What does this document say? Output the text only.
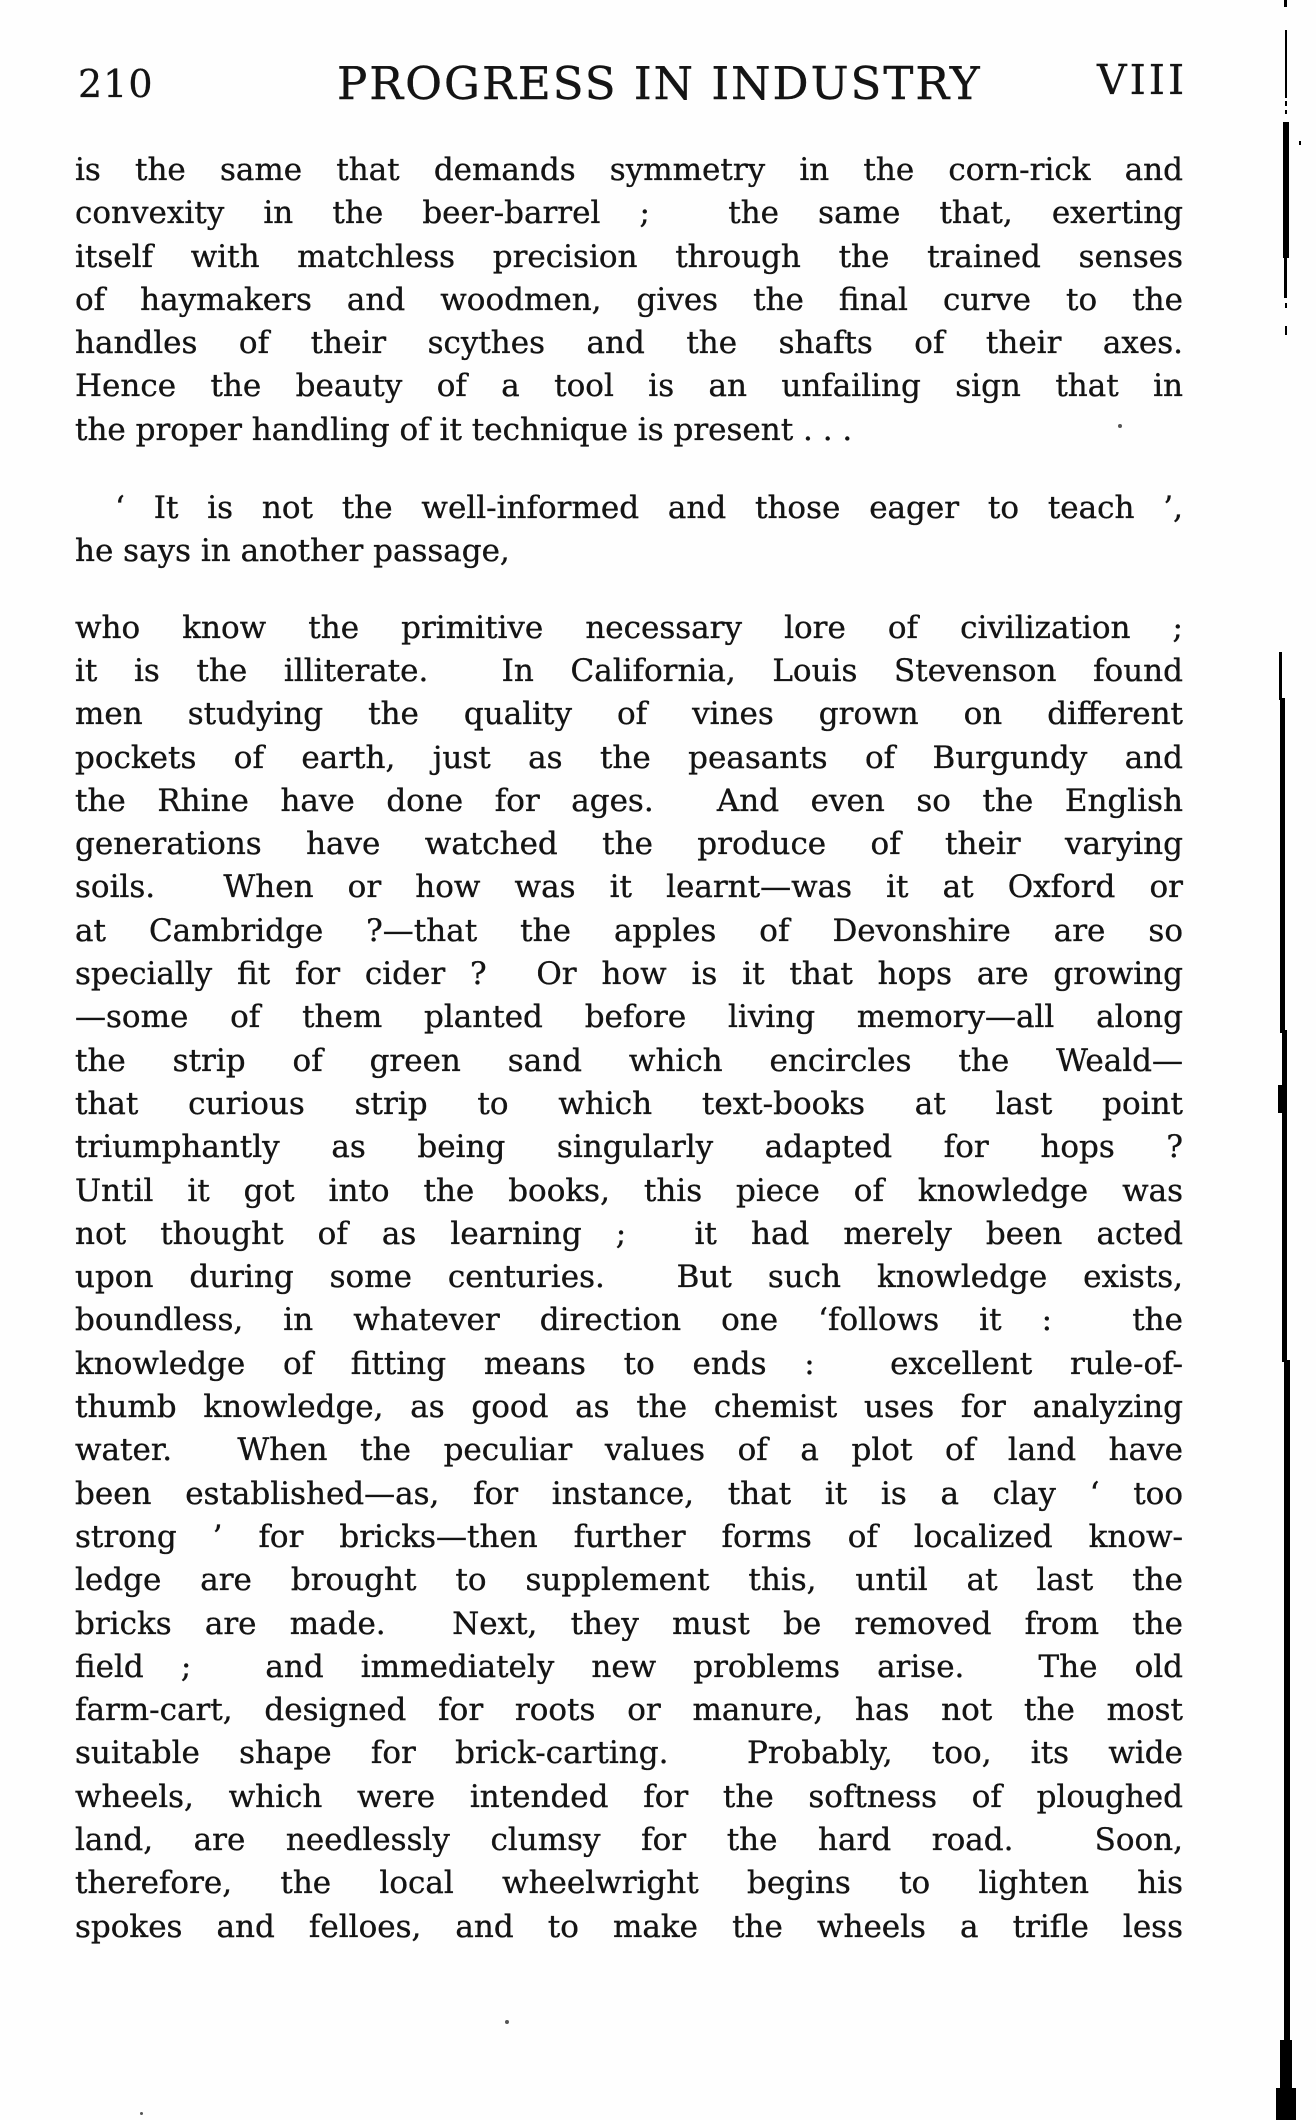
210	PROGRESS IN INDUSTRY	VIII
is the same that demands symmetry in the corn-rick and
convexity in the beer-barrel ;  the same that, exerting
itself with matchless precision through the trained senses
of haymakers and woodmen, gives the final curve to the
handles of their scythes and the shafts of their axes.
Hence the beauty of a tool is an unfailing sign that in
the proper handling of it technique is present . . .
‘ It is not the well-informed and those eager to teach ’,
he says in another passage,
who know the primitive necessary lore of civilization ;
it is the illiterate.  In California, Louis Stevenson found
men studying the quality of vines grown on different
pockets of earth, just as the peasants of Burgundy and
the Rhine have done for ages.  And even so the English
generations have watched the produce of their varying
soils.  When or how was it learnt—was it at Oxford or
at Cambridge ?—that the apples of Devonshire are so
specially fit for cider ?  Or how is it that hops are growing
—some of them planted before living memory—all along
the strip of green sand which encircles the Weald—
that curious strip to which text-books at last point
triumphantly as being singularly adapted for hops ?
Until it got into the books, this piece of knowledge was
not thought of as learning ;  it had merely been acted
upon during some centuries.  But such knowledge exists,
boundless, in whatever direction one ‘follows it :  the
knowledge of fitting means to ends :  excellent rule-of-
thumb knowledge, as good as the chemist uses for analyzing
water.  When the peculiar values of a plot of land have
been established—as, for instance, that it is a clay ‘ too
strong ’ for bricks—then further forms of localized know-
ledge are brought to supplement this, until at last the
bricks are made.  Next, they must be removed from the
field ;  and immediately new problems arise.  The old
farm-cart, designed for roots or manure, has not the most
suitable shape for brick-carting.  Probably, too, its wide
wheels, which were intended for the softness of ploughed
land, are needlessly clumsy for the hard road.  Soon,
therefore, the local wheelwright begins to lighten his
spokes and felloes, and to make the wheels a trifle less
